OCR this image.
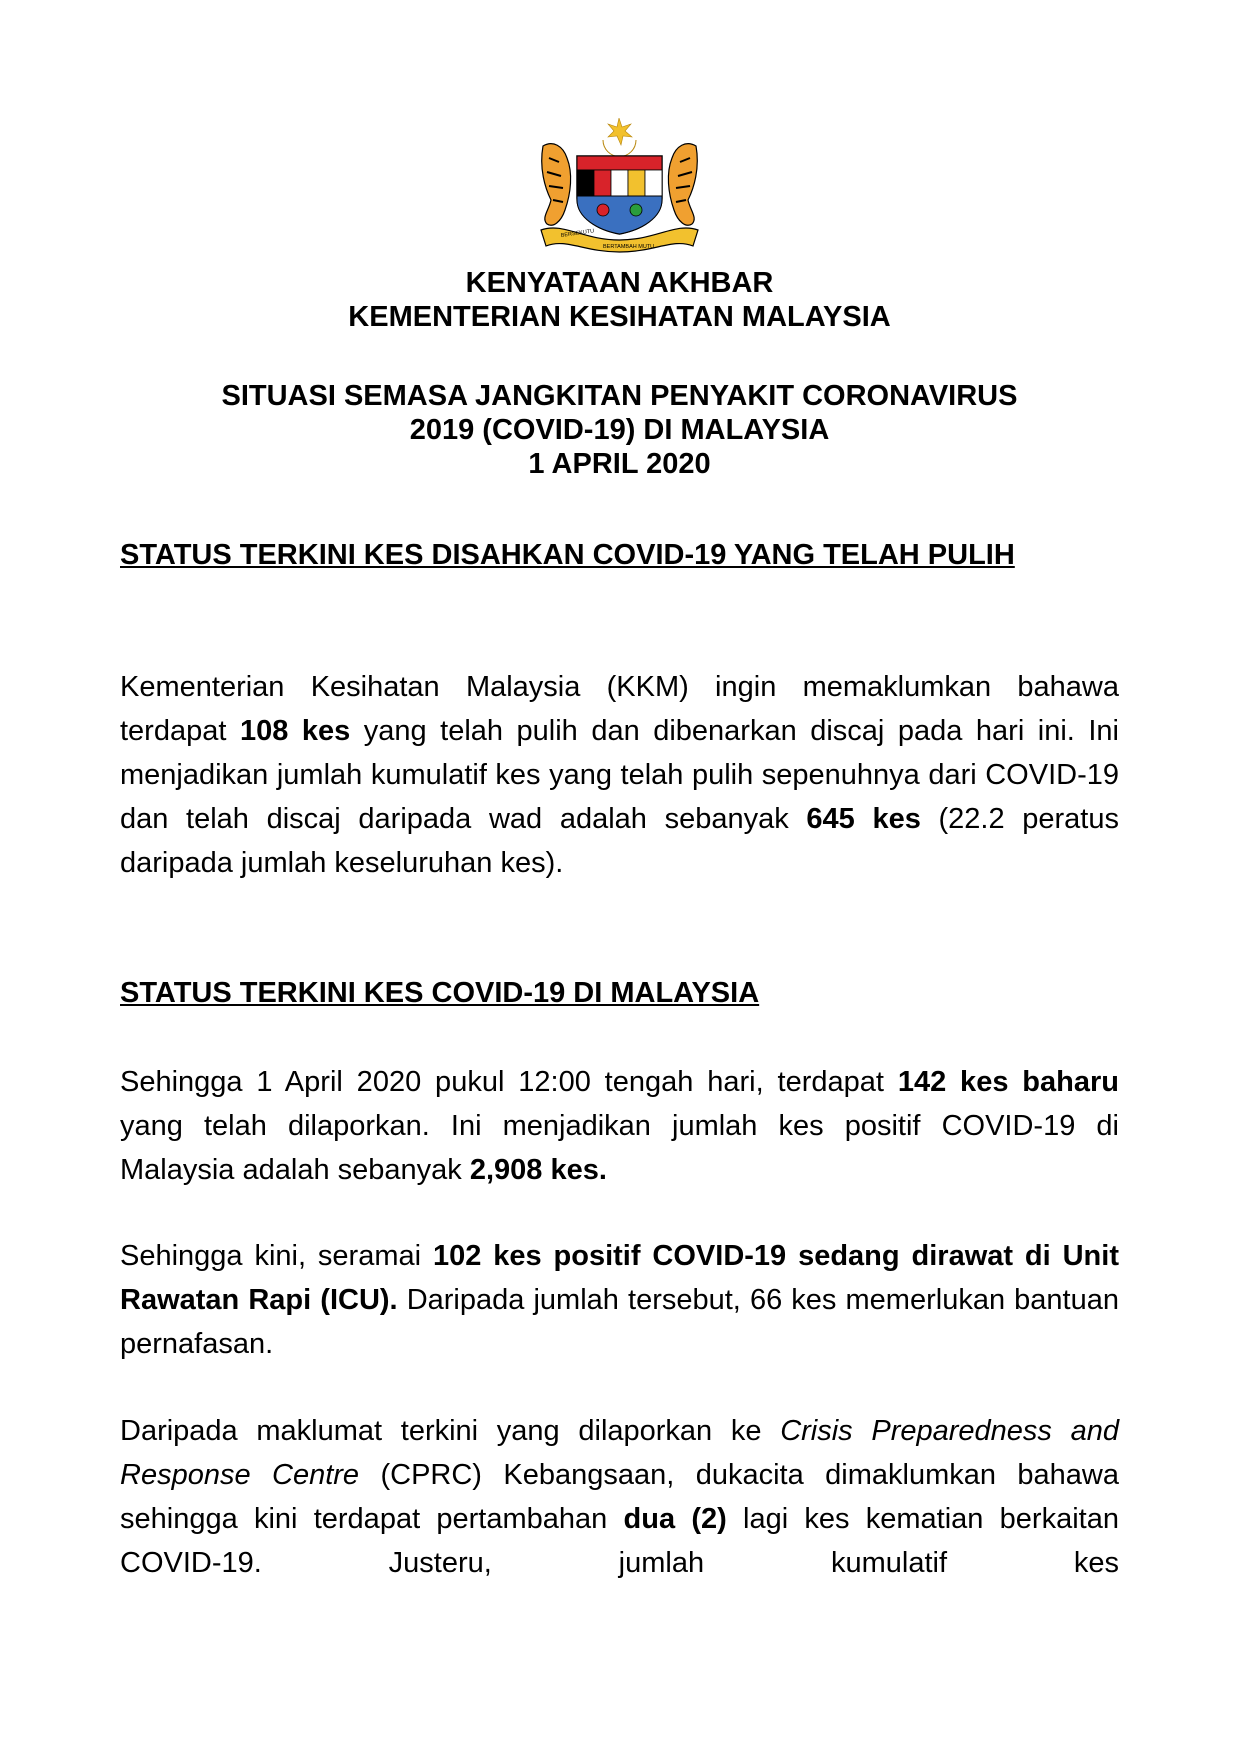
BERSEKUTU
BERTAMBAH MUTU
KENYATAAN AKHBAR
KEMENTERIAN KESIHATAN MALAYSIA
SITUASI SEMASA JANGKITAN PENYAKIT CORONAVIRUS
2019 (COVID-19) DI MALAYSIA
1 APRIL 2020
STATUS TERKINI KES DISAHKAN COVID-19 YANG TELAH PULIH

Kementerian Kesihatan Malaysia (KKM) ingin memaklumkan bahawa terdapat 108 kes yang telah pulih dan dibenarkan discaj pada hari ini. Ini menjadikan jumlah kumulatif kes yang telah pulih sepenuhnya dari COVID-19 dan telah discaj daripada wad adalah sebanyak 645 kes (22.2 peratus daripada jumlah keseluruhan kes).

STATUS TERKINI KES COVID-19 DI MALAYSIA

Sehingga 1 April 2020 pukul 12:00 tengah hari, terdapat 142 kes baharu yang telah dilaporkan. Ini menjadikan jumlah kes positif COVID-19 di Malaysia adalah sebanyak 2,908 kes.

Sehingga kini, seramai 102 kes positif COVID-19 sedang dirawat di Unit Rawatan Rapi (ICU). Daripada jumlah tersebut, 66 kes memerlukan bantuan pernafasan.

Daripada maklumat terkini yang dilaporkan ke Crisis Preparedness and Response Centre (CPRC) Kebangsaan, dukacita dimaklumkan bahawa sehingga kini terdapat pertambahan dua (2) lagi kes kematian berkaitan COVID-19. Justeru, jumlah kumulatif kes
